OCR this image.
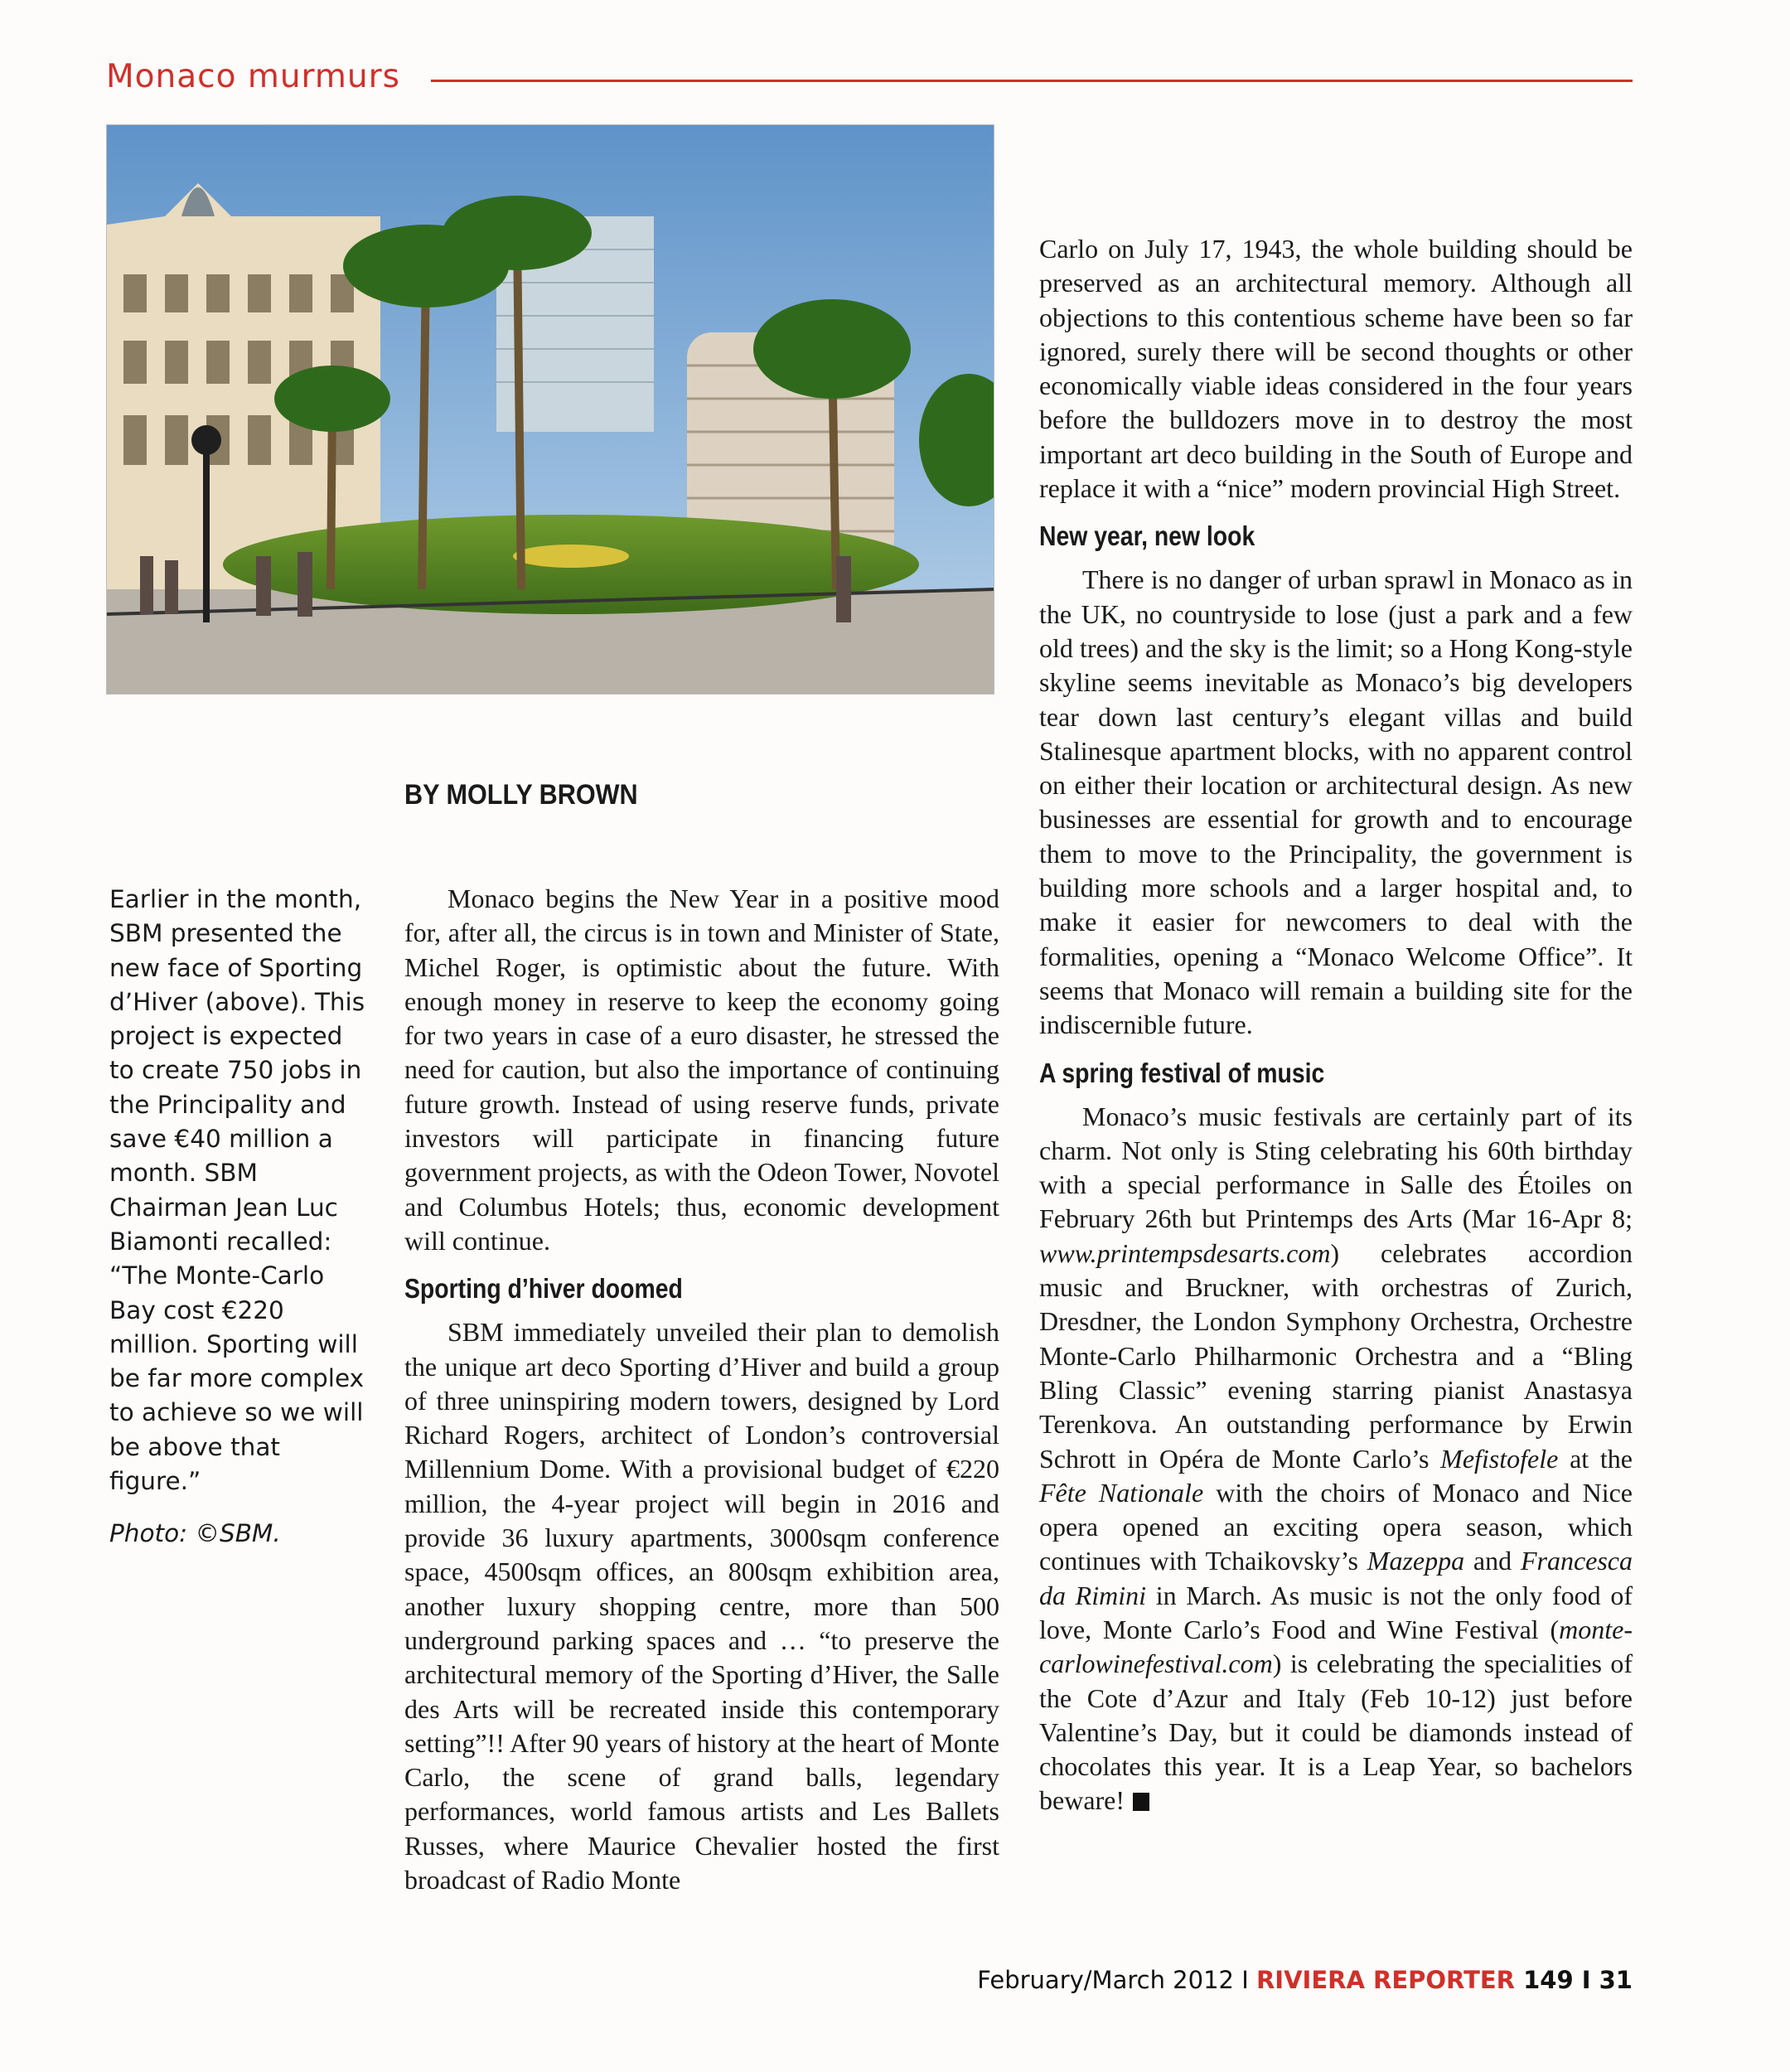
Monaco murmurs
BY MOLLY BROWN
Earlier in the month, SBM presented the new face of Sporting d’Hiver (above). This project is expected to create 750 jobs in the Principality and save €40 million a month. SBM Chairman Jean Luc Biamonti recalled: “The Monte-Carlo Bay cost €220 million. Sporting will be far more complex to achieve so we will be above that figure.”
Photo: ©SBM.

Monaco begins the New Year in a positive mood for, after all, the circus is in town and Minister of State, Michel Roger, is optimistic about the future. With enough money in reserve to keep the economy going for two years in case of a euro disaster, he stressed the need for caution, but also the importance of continuing future growth. Instead of using reserve funds, private investors will participate in financing future government projects, as with the Odeon Tower, Novotel and Columbus Hotels; thus, economic development will continue.

Sporting d’hiver doomed

SBM immediately unveiled their plan to demolish the unique art deco Sporting d’Hiver and build a group of three uninspiring modern towers, designed by Lord Richard Rogers, architect of London’s controversial Millennium Dome. With a provisional budget of €220 million, the 4-year project will begin in 2016 and provide 36 luxury apartments, 3000sqm conference space, 4500sqm offices, an 800sqm exhibition area, another luxury shopping centre, more than 500 underground parking spaces and … “to preserve the architectural memory of the Sporting d’Hiver, the Salle des Arts will be recreated inside this contemporary setting”!! After 90 years of history at the heart of Monte Carlo, the scene of grand balls, legendary performances, world famous artists and Les Ballets Russes, where Maurice Chevalier hosted the first broadcast of Radio Monte

Carlo on July 17, 1943, the whole building should be preserved as an architectural memory. Although all objections to this contentious scheme have been so far ignored, surely there will be second thoughts or other economically viable ideas considered in the four years before the bulldozers move in to destroy the most important art deco building in the South of Europe and replace it with a “nice” modern provincial High Street.

New year, new look

There is no danger of urban sprawl in Monaco as in the UK, no countryside to lose (just a park and a few old trees) and the sky is the limit; so a Hong Kong-style skyline seems inevitable as Monaco’s big developers tear down last century’s elegant villas and build Stalinesque apartment blocks, with no apparent control on either their location or architectural design. As new businesses are essential for growth and to encourage them to move to the Principality, the government is building more schools and a larger hospital and, to make it easier for newcomers to deal with the formalities, opening a “Monaco Welcome Office”. It seems that Monaco will remain a building site for the indiscernible future.

A spring festival of music

Monaco’s music festivals are certainly part of its charm. Not only is Sting celebrating his 60th birthday with a special performance in Salle des Étoiles on February 26th but Printemps des Arts (Mar 16-Apr 8; www.printempsdesarts.com) celebrates accordion music and Bruckner, with orchestras of Zurich, Dresdner, the London Symphony Orchestra, Orchestre Monte-Carlo Philharmonic Orchestra and a “Bling Bling Classic” evening starring pianist Anastasya Terenkova. An outstanding performance by Erwin Schrott in Opéra de Monte Carlo’s Mefistofele at the Fête Nationale with the choirs of Monaco and Nice opera opened an exciting opera season, which continues with Tchaikovsky’s Mazeppa and Francesca da Rimini in March. As music is not the only food of love, Monte Carlo’s Food and Wine Festival (monte-carlowinefestival.com) is celebrating the specialities of the Cote d’Azur and Italy (Feb 10-12) just before Valentine’s Day, but it could be diamonds instead of chocolates this year. It is a Leap Year, so bachelors beware!

February/March 2012 I RIVIERA REPORTER 149 I 31
